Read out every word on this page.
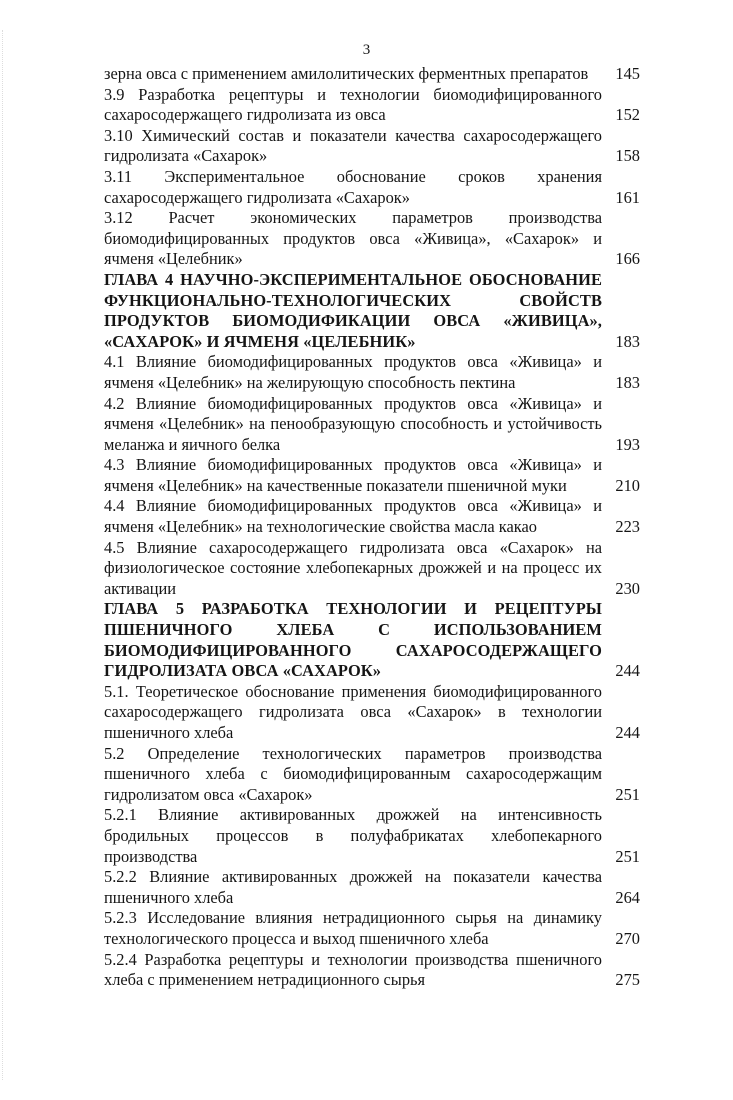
3
зерна овса с применением амилолитических ферментных препаратов	145
3.9 Разработка рецептуры и технологии биомодифицированного сахаросодержащего гидролизата из овса	152
3.10 Химический состав и показатели качества сахаросодержащего гидролизата «Сахарок»	158
3.11 Экспериментальное обоснование сроков хранения сахаросодержащего гидролизата «Сахарок»	161
3.12 Расчет экономических параметров производства биомодифицированных продуктов овса «Живица», «Сахарок» и ячменя «Целебник»	166
ГЛАВА 4 НАУЧНО-ЭКСПЕРИМЕНТАЛЬНОЕ ОБОСНОВАНИЕ ФУНКЦИОНАЛЬНО-ТЕХНОЛОГИЧЕСКИХ СВОЙСТВ ПРОДУКТОВ БИОМОДИФИКАЦИИ ОВСА «ЖИВИЦА», «САХАРОК» И ЯЧМЕНЯ «ЦЕЛЕБНИК»	183
4.1 Влияние биомодифицированных продуктов овса «Живица» и ячменя «Целебник» на желирующую способность пектина	183
4.2 Влияние биомодифицированных продуктов овса «Живица» и ячменя «Целебник» на пенообразующую способность и устойчивость меланжа и яичного белка	193
4.3 Влияние биомодифицированных продуктов овса «Живица» и ячменя «Целебник» на качественные показатели пшеничной муки	210
4.4 Влияние биомодифицированных продуктов овса «Живица» и ячменя «Целебник» на технологические свойства масла какао	223
4.5 Влияние сахаросодержащего гидролизата овса «Сахарок» на физиологическое состояние хлебопекарных дрожжей и на процесс их активации	230
ГЛАВА 5 РАЗРАБОТКА ТЕХНОЛОГИИ И РЕЦЕПТУРЫ ПШЕНИЧНОГО ХЛЕБА С ИСПОЛЬЗОВАНИЕМ БИОМОДИФИЦИРОВАННОГО САХАРОСОДЕРЖАЩЕГО ГИДРОЛИЗАТА ОВСА «САХАРОК»	244
5.1. Теоретическое обоснование применения биомодифицированного сахаросодержащего гидролизата овса «Сахарок» в технологии пшеничного хлеба	244
5.2 Определение технологических параметров производства пшеничного хлеба с биомодифицированным сахаросодержащим гидролизатом овса «Сахарок»	251
5.2.1 Влияние активированных дрожжей на интенсивность бродильных процессов в полуфабрикатах хлебопекарного производства	251
5.2.2 Влияние активированных дрожжей на показатели качества пшеничного хлеба	264
5.2.3 Исследование влияния нетрадиционного сырья на динамику технологического процесса и выход пшеничного хлеба	270
5.2.4 Разработка рецептуры и технологии производства пшеничного хлеба с применением нетрадиционного сырья	275
